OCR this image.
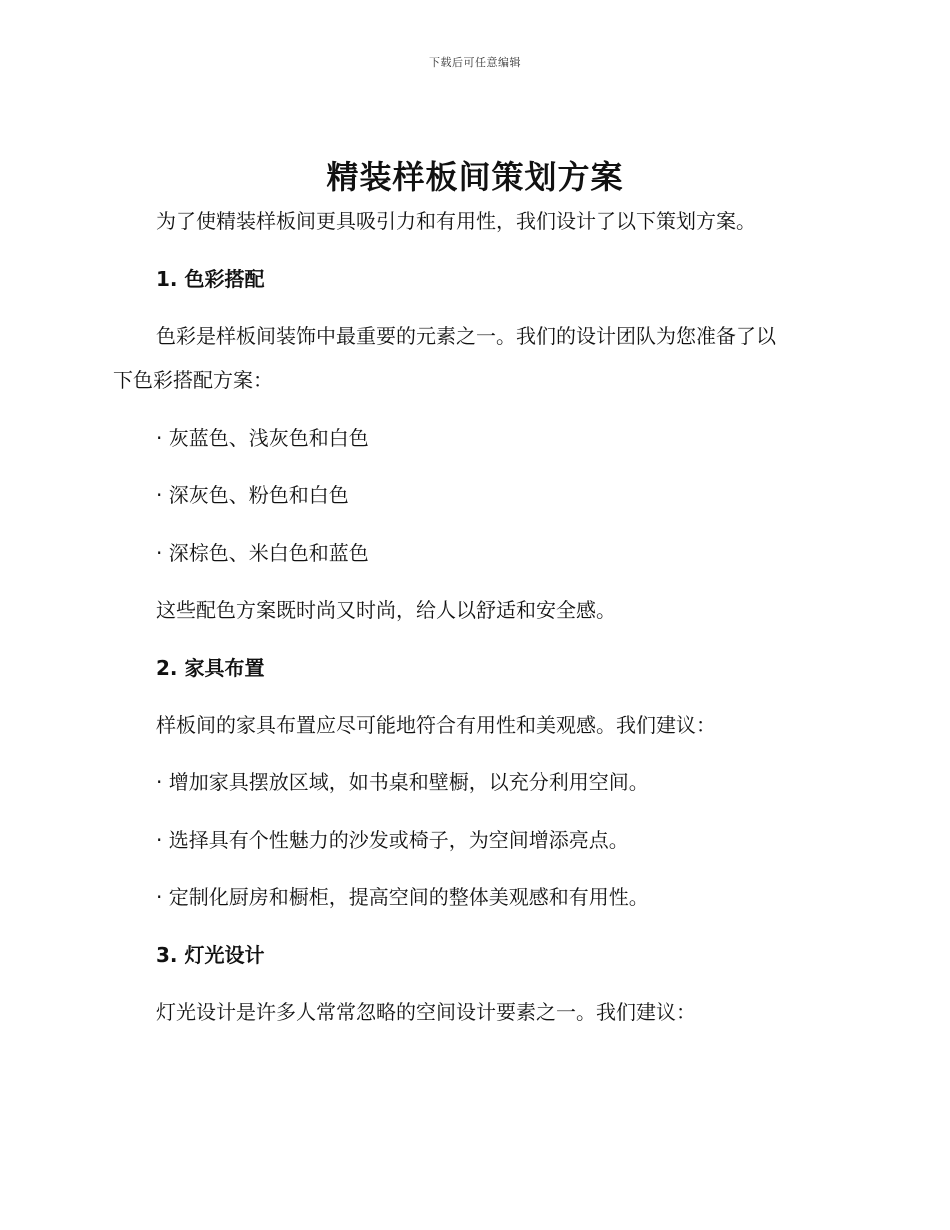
下载后可任意编辑
精装样板间策划方案
为了使精装样板间更具吸引力和有用性，我们设计了以下策划方案。
1. 色彩搭配
色彩是样板间装饰中最重要的元素之一。我们的设计团队为您准备了以
下色彩搭配方案：
· 灰蓝色、浅灰色和白色
· 深灰色、粉色和白色
· 深棕色、米白色和蓝色
这些配色方案既时尚又时尚，给人以舒适和安全感。
2. 家具布置
样板间的家具布置应尽可能地符合有用性和美观感。我们建议：
· 增加家具摆放区域，如书桌和壁橱，以充分利用空间。
· 选择具有个性魅力的沙发或椅子，为空间增添亮点。
· 定制化厨房和橱柜，提高空间的整体美观感和有用性。
3. 灯光设计
灯光设计是许多人常常忽略的空间设计要素之一。我们建议：
